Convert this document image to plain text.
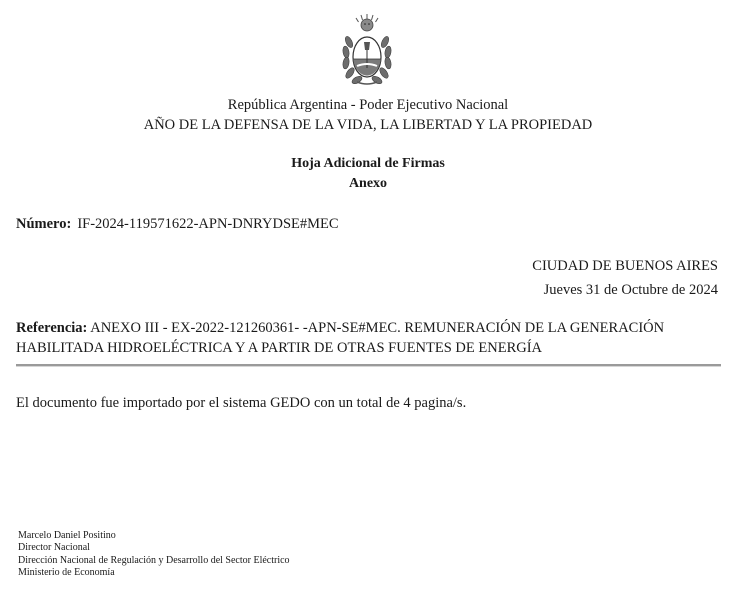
República Argentina - Poder Ejecutivo Nacional
AÑO DE LA DEFENSA DE LA VIDA, LA LIBERTAD Y LA PROPIEDAD
Hoja Adicional de Firmas
Anexo
Número: IF-2024-119571622-APN-DNRYDSE#MEC
CIUDAD DE BUENOS AIRES
Jueves 31 de Octubre de 2024
Referencia: ANEXO III - EX-2022-121260361- -APN-SE#MEC. REMUNERACIÓN DE LA GENERACIÓN HABILITADA HIDROELÉCTRICA Y A PARTIR DE OTRAS FUENTES DE ENERGÍA
El documento fue importado por el sistema GEDO con un total de 4 pagina/s.
Marcelo Daniel Positino
Director Nacional
Dirección Nacional de Regulación y Desarrollo del Sector Eléctrico
Ministerio de Economía
